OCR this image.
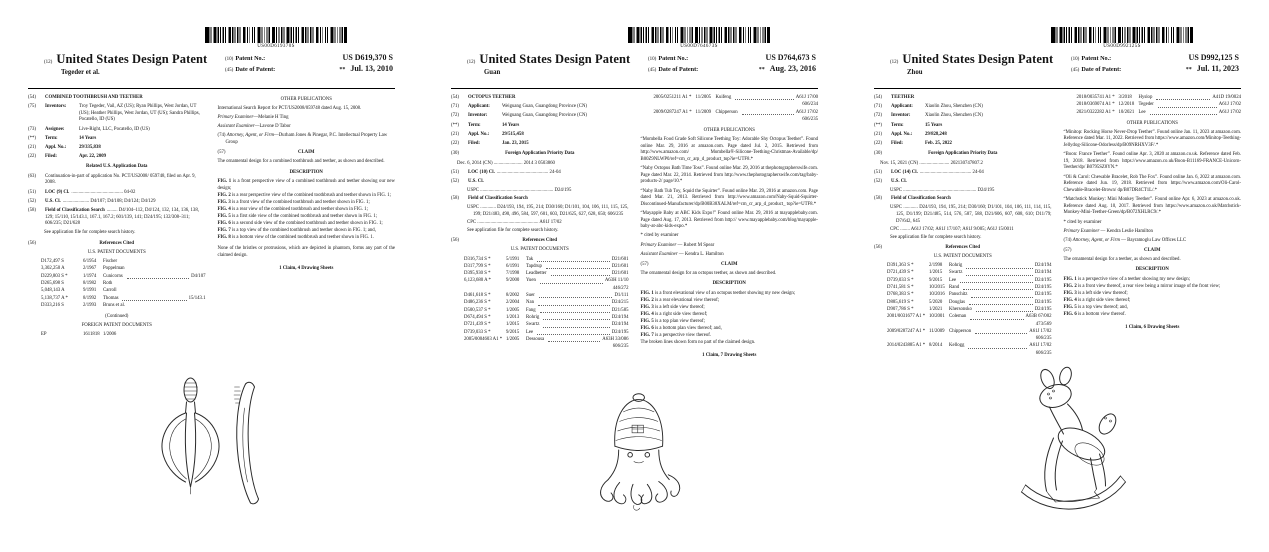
US00D619370S
(12) United States Design Patent
Tegeder et al.
(10) Patent No.:	US D619,370 S
(45) Date of Patent:	** Jul. 13, 2010
(54)	COMBINED TOOTHBRUSH AND TEETHER
(75)	Inventors:	Troy Tegeder, Vail, AZ (US); Ryan Phillips, West Jordan, UT (US); Heather Phillips, West Jordan, UT (US); Sandra Phillips, Pocatello, ID (US)
(73)	Assignee:	Live-Right, LLC, Pocatello, ID (US)
(**)	Term:	14 Years
(21)	Appl. No.:	29/335,838
(22)	Filed:	Apr. 22, 2009
Related U.S. Application Data
(63)	Continuation-in-part of application No. PCT/US2008/ 059748, filed on Apr. 9, 2008.
(51)	LOC (9) Cl. ........................................... 04-02
(52)	U.S. Cl. ...................... D4/107; D4/108; D4/124; D4/129
(58)	Field of Classification Search ......... D4/104–112, D4/124, 132, 134, 136, 138, 129; 15/110, 15/143.1, 167.1, 167.2; 601/139, 141; D24/195; 132/308–311; 606/235; D21/628
See application file for complete search history.
(56)	References Cited
U.S. PATENT DOCUMENTS
D172,497 S	6/1954	Fischer
3,302,250 A	2/1967	Poppelman
D229,803 S *	1/1974	Cunicorns	D4/107
D265,698 S	8/1982	Roth
5,048,143 A	9/1991	Carroll
5,138,737 A *	8/1992	Thomas	15/143.1
D333,216 S	2/1993	Bruns et al.
(Continued)
FOREIGN PATENT DOCUMENTS
EP	1611818 1/2006
OTHER PUBLICATIONS
International Search Report for PCT/US2008/059748 dated Aug. 15, 2008.
Primary Examiner—Melanie H Ting
Assistant Examiner—Lavone D Tabor
(74) Attorney, Agent, or Firm—Durham Jones & Pinegar, P.C. Intellectual Property Law Group
(57)	CLAIM
The ornamental design for a combined toothbrush and teether, as shown and described.
DESCRIPTION
FIG. 1 is a front perspective view of a combined toothbrush and teether showing our new design;
FIG. 2 is a rear perspective view of the combined toothbrush and teether shown in FIG. 1;
FIG. 3 is a front view of the combined toothbrush and teether shown in FIG. 1;
FIG. 4 is a rear view of the combined toothbrush and teether shown in FIG. 1;
FIG. 5 is a first side view of the combined toothbrush and teether shown in FIG. 1;
FIG. 6 is a second side view of the combined toothbrush and teether shown in FIG. 1;
FIG. 7 is a top view of the combined toothbrush and teether shown in FIG. 1; and,
FIG. 8 is a bottom view of the combined toothbrush and teether shown in FIG. 1.
None of the bristles or protrusions, which are depicted in phantom, forms any part of the claimed design.
1 Claim, 4 Drawing Sheets
US00D764673S
(12) United States Design Patent
Guan
(10) Patent No.:	US D764,673 S
(45) Date of Patent:	** Aug. 23, 2016
(54)	OCTOPUS TEETHER
(71)	Applicant:	Weiguang Guan, Guangdong Province (CN)
(72)	Inventor:	Weiguang Guan, Guangdong Province (CN)
(**)	Term:	14 Years
(21)	Appl. No.:	29/515,458
(22)	Filed:	Jan. 23, 2015
(30)	Foreign Application Priority Data
Dec. 6, 2014 (CN) ........................ 2014 3 0503860
(51)	LOC (10) Cl. ........................................... 24-04
(52)	U.S. Cl.
USPC ............................................................. D24/195
(58)	Field of Classification Search
USPC ............. D24/193, 194, 195, 214; D30/160; D1/101, 104, 106, 111, 115, 125, 199; D21/483, 490, 496, 584, 597, 601, 603, D21/625, 627, 628, 650; 606/235
CPC ................................................... A61J 17/02
See application file for complete search history.
(56)	References Cited
U.S. PATENT DOCUMENTS
D316,734 S *	5/1991	Tak	D21/601
D317,799 S *	6/1991	Tapdrup	D21/601
D395,930 S *	7/1998	Leadbetter	D21/601
6,123,680 A *	9/2000	Yuen	A63H 11/10
446/272
D461,618 S *	8/2002	Suer	D1/111
D486,236 S *	2/2004	Nan	D24/215
D500,537 S *	1/2005	Fang	D21/585
D674,494 S *	1/2013	Rohrig	D24/194
D721,439 S *	1/2015	Swartz	D24/194
D739,033 S *	9/2015	Lee	D24/195
2005/0004603 A1 * 1/2005	Dessousa	A63H 33/086
606/235
2005/0251211 A1 * 11/2005 Kuifeng	A61J 17/00
606/234
2009/0287247 A1 * 11/2009 Chipperson	A61J 17/02
606/235
OTHER PUBLICATIONS
“Mombella Food Grade Soft Silicone Teething Toy: Adorable Shy Octopus Teether”. Found online Mar. 29, 2016 at amazon.com. Page dated Jul. 2, 2015. Retrieved from http://www.amazon.com/ Mombella®-Silicone-Teething-Christmas-Available/dp/ B00Z9NLWP0/ref=cm_cr_arp_d_product_top?ie=UTF8.*
“Naby Octopus Bath Time Toss”. Found online Mar. 29, 2016 at thephotographerswife.com. Page dated Mar. 22, 2014. Retrieved from http://www.thephotographerswife.com/tag/baby-products-2/ page/10.*
“Naby Bath Tub Toy, Squid the Squirter”. Found online Mar. 29, 2016 at amazon.com. Page dated Mar. 21, 2013. Retrieved from http://www.amazon.com/Naby-Squid-Squirter-Discontinued-Manufacturer/dp/B00B38XALM/ref=cm_cr_arp_d_product_ top?ie=UTF8.*
“Mayapple Baby at ABC Kids Expo!” Found online Mar. 29, 2016 at mayapplebaby.com. Page dated Aug. 17, 2013. Retrieved from http:// www.mayapplebaby.com/blog/mayapple-baby-at-abc-kids-expo.*
* cited by examiner
Primary Examiner — Robert M Spear
Assistant Examiner — Kendra L. Hamilton
(57)	CLAIM
The ornamental design for an octopus teether, as shown and described.
DESCRIPTION
FIG. 1 is a front elevational view of an octopus teether showing my new design;
FIG. 2 is a rear elevational view thereof;
FIG. 3 is a left side view thereof;
FIG. 4 is a right side view thereof;
FIG. 5 is a top plan view thereof;
FIG. 6 is a bottom plan view thereof; and,
FIG. 7 is a perspective view thereof.
The broken lines shown form no part of the claimed design.
1 Claim, 7 Drawing Sheets
US00D992125S
(12) United States Design Patent
Zhou
(10) Patent No.:	US D992,125 S
(45) Date of Patent:	** Jul. 11, 2023
(54)	TEETHER
(71)	Applicant:	Xiaolin Zhou, Shenzhen (CN)
(72)	Inventor:	Xiaolin Zhou, Shenzhen (CN)
(**)	Term:	15 Years
(21)	Appl. No.:	29/828,248
(22)	Filed:	Feb. 25, 2022
(30)	Foreign Application Priority Data
Nov. 15, 2021 (CN) ......................... 202130747807.2
(51)	LOC (14) Cl. ........................................... 24-04
(52)	U.S. Cl.
USPC ............................................................. D24/195
(58)	Field of Classification Search
USPC ............ D24/193, 194, 195, 214; D30/160; D1/101, 104, 106, 111, 114, 115, 125, D1/199; D21/485, 514, 576, 587, 588, D21/606, 607, 608, 610; D11/79; D7/642, 645
CPC ........ A61J 17/02; A61J 17/107; A61J 9/005; A61J 15/0011
See application file for complete search history.
(56)	References Cited
U.S. PATENT DOCUMENTS
D391,363 S *	2/1998	Rohrig	D24/194
D721,439 S *	1/2015	Swartz	D24/194
D739,033 S *	9/2015	Lee	D24/195
D741,581 S *	10/2015 Rand	D24/195
D768,383 S *	10/2016 Panschitz	D24/195
D885,619 S *	5/2020	Douglas	D24/195
D907,786 S *	1/2021	Khersonsko	D24/195
2001/0031677 A1 * 10/2001 Coleman	A63B 67/002
473/569
2009/0287247 A1 * 11/2009 Chipperson	A61J 17/02
606/235
2014/0243885 A1 * 8/2014	Kellogg	A61J 17/02
606/235
2018/0035741 A1 * 3/2018	Hyslop	A41D 19/0024
2018/0369074 A1 * 12/2018 Tegeder	A61J 17/02
2021/0322282 A1 * 10/2021 Lee	A61J 17/02
OTHER PUBLICATIONS
“Minitop: Rocking Horse Never-Drop Teether”. Found online Jan. 11, 2023 at amazon.com. Reference dated Mar. 11, 2022. Retrieved from https://www.amazon.com/Minitop-Teething-Jellydog-Silicone-Odorless/dp/B09NRHXV3F/.*
“Boon: France Teether”. Found online Apr. 3, 2020 at amazon.co.uk. Reference dated Feb. 19, 2018. Retrieved from https://www.amazon.co.uk/Boon-B11169-FRANCE-Unicorn-Teether/dp/ B0795SZ8YN.*
“Oli & Carol: Chewable Bracelet, Rob The Fox”. Found online Jan. 6, 2022 at amazon.com. Reference dated Jun. 19, 2018. Retrieved from https://www.amazon.com/Oli-Carol-Chewable-Bracelet-Brown/ dp/B07DR4CT1L/.*
“Matchstick Monkey: Mini Monkey Teether”. Found online Apr. 6, 2023 at amazon.co.uk. Reference dated Aug. 10, 2017. Retrieved from https://www.amazon.co.uk/Matchstick-Monkey-Mini-Teether-Green/dp/B072XHLRC9/.*
* cited by examiner
Primary Examiner — Kendra Leslie Hamilton
(74) Attorney, Agent, or Firm — Bayramoglu Law Offices LLC
(57)	CLAIM
The ornamental design for a teether, as shown and described.
DESCRIPTION
FIG. 1 is a perspective view of a teether showing my new design;
FIG. 2 is a front view thereof, a rear view being a mirror image of the front view;
FIG. 3 is a left side view thereof;
FIG. 4 is a right side view thereof;
FIG. 5 is a top view thereof; and,
FIG. 6 is a bottom view thereof.
1 Claim, 6 Drawing Sheets
